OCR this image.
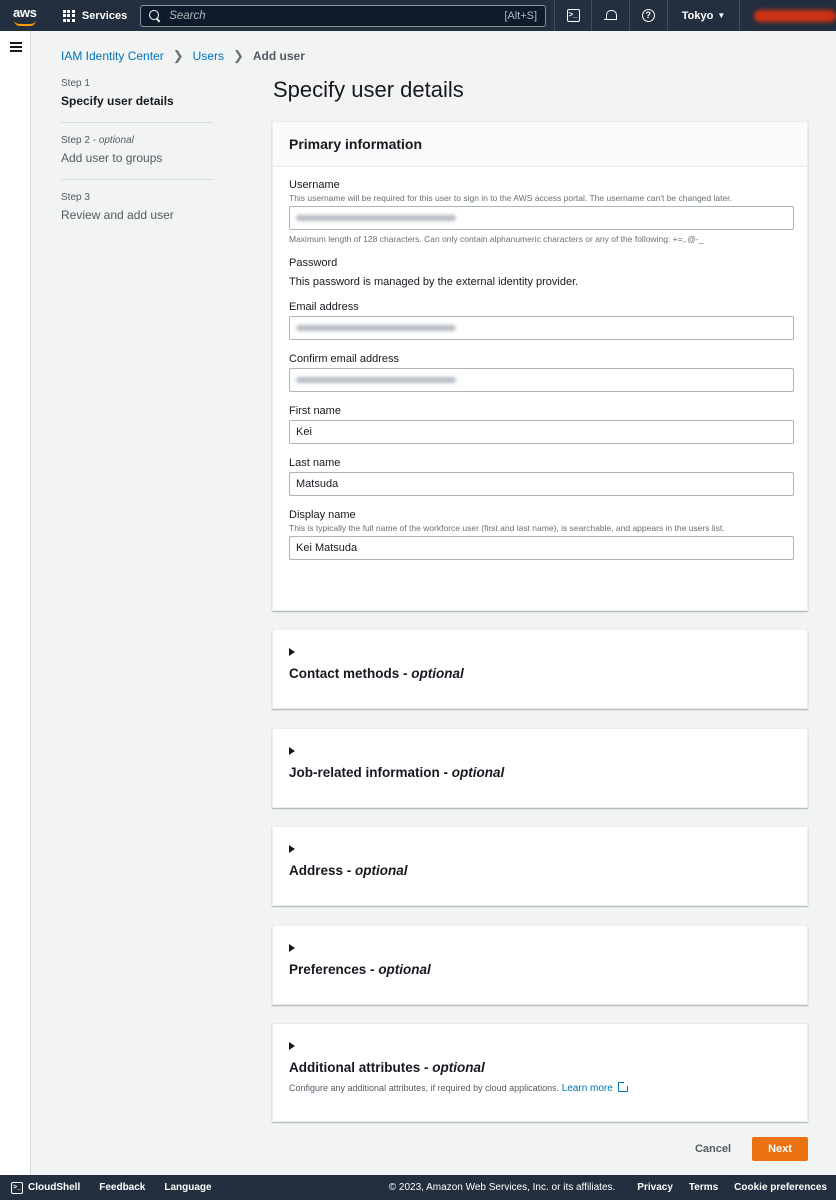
aws	Services
Search	[Alt+S]	>_	?	Tokyo ▼
IAM Identity Center ❯ Users ❯ Add user
Step 1
Specify user details
Step 2 - optional
Add user to groups
Step 3
Review and add user
Specify user details
Primary information
Username
This username will be required for this user to sign in to the AWS access portal. The username can't be changed later.
Maximum length of 128 characters. Can only contain alphanumeric characters or any of the following: +=,.@-_
Password
This password is managed by the external identity provider.
Email address
Confirm email address
First name
Kei
Last name
Matsuda
Display name
This is typically the full name of the workforce user (first and last name), is searchable, and appears in the users list.
Kei Matsuda
Contact methods - optional
Job-related information - optional
Address - optional
Preferences - optional
Additional attributes - optional
Configure any additional attributes, if required by cloud applications. Learn more
Cancel	Next
>_ CloudShell Feedback Language	© 2023, Amazon Web Services, Inc. or its affiliates. Privacy Terms Cookie preferences
